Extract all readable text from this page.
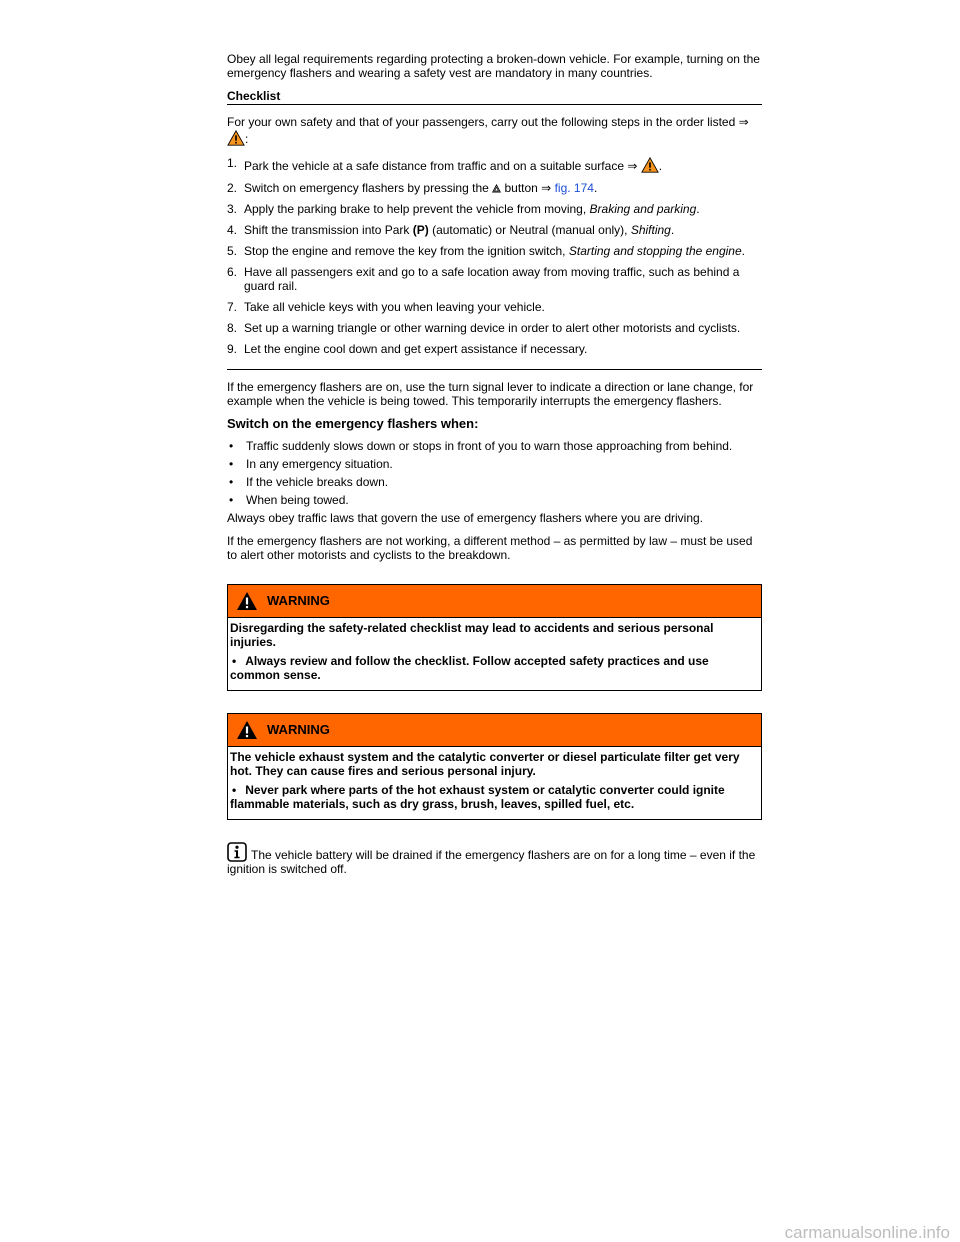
Obey all legal requirements regarding protecting a broken-down vehicle. For example, turning on the emergency flashers and wearing a safety vest are mandatory in many countries.

Checklist

For your own safety and that of your passengers, carry out the following steps in the order listed ⇒ :

1. Park the vehicle at a safe distance from traffic and on a suitable surface ⇒ .
2. Switch on emergency flashers by pressing the button ⇒ fig. 174.
3. Apply the parking brake to help prevent the vehicle from moving, Braking and parking.
4. Shift the transmission into Park (P) (automatic) or Neutral (manual only), Shifting.
5. Stop the engine and remove the key from the ignition switch, Starting and stopping the engine.
6. Have all passengers exit and go to a safe location away from moving traffic, such as behind a guard rail.
7. Take all vehicle keys with you when leaving your vehicle.
8. Set up a warning triangle or other warning device in order to alert other motorists and cyclists.
9. Let the engine cool down and get expert assistance if necessary.

If the emergency flashers are on, use the turn signal lever to indicate a direction or lane change, for example when the vehicle is being towed. This temporarily interrupts the emergency flashers.

Switch on the emergency flashers when:
•	Traffic suddenly slows down or stops in front of you to warn those approaching from behind.
•	In any emergency situation.
•	If the vehicle breaks down.
•	When being towed.

Always obey traffic laws that govern the use of emergency flashers where you are driving.

If the emergency flashers are not working, a different method – as permitted by law – must be used to alert other motorists and cyclists to the breakdown.

WARNING

Disregarding the safety-related checklist may lead to accidents and serious personal injuries.

• Always review and follow the checklist. Follow accepted safety practices and use common sense.

WARNING

The vehicle exhaust system and the catalytic converter or diesel particulate filter get very hot. They can cause fires and serious personal injury.

• Never park where parts of the hot exhaust system or catalytic converter could ignite flammable materials, such as dry grass, brush, leaves, spilled fuel, etc.

The vehicle battery will be drained if the emergency flashers are on for a long time – even if the ignition is switched off.

carmanualsonline.info
